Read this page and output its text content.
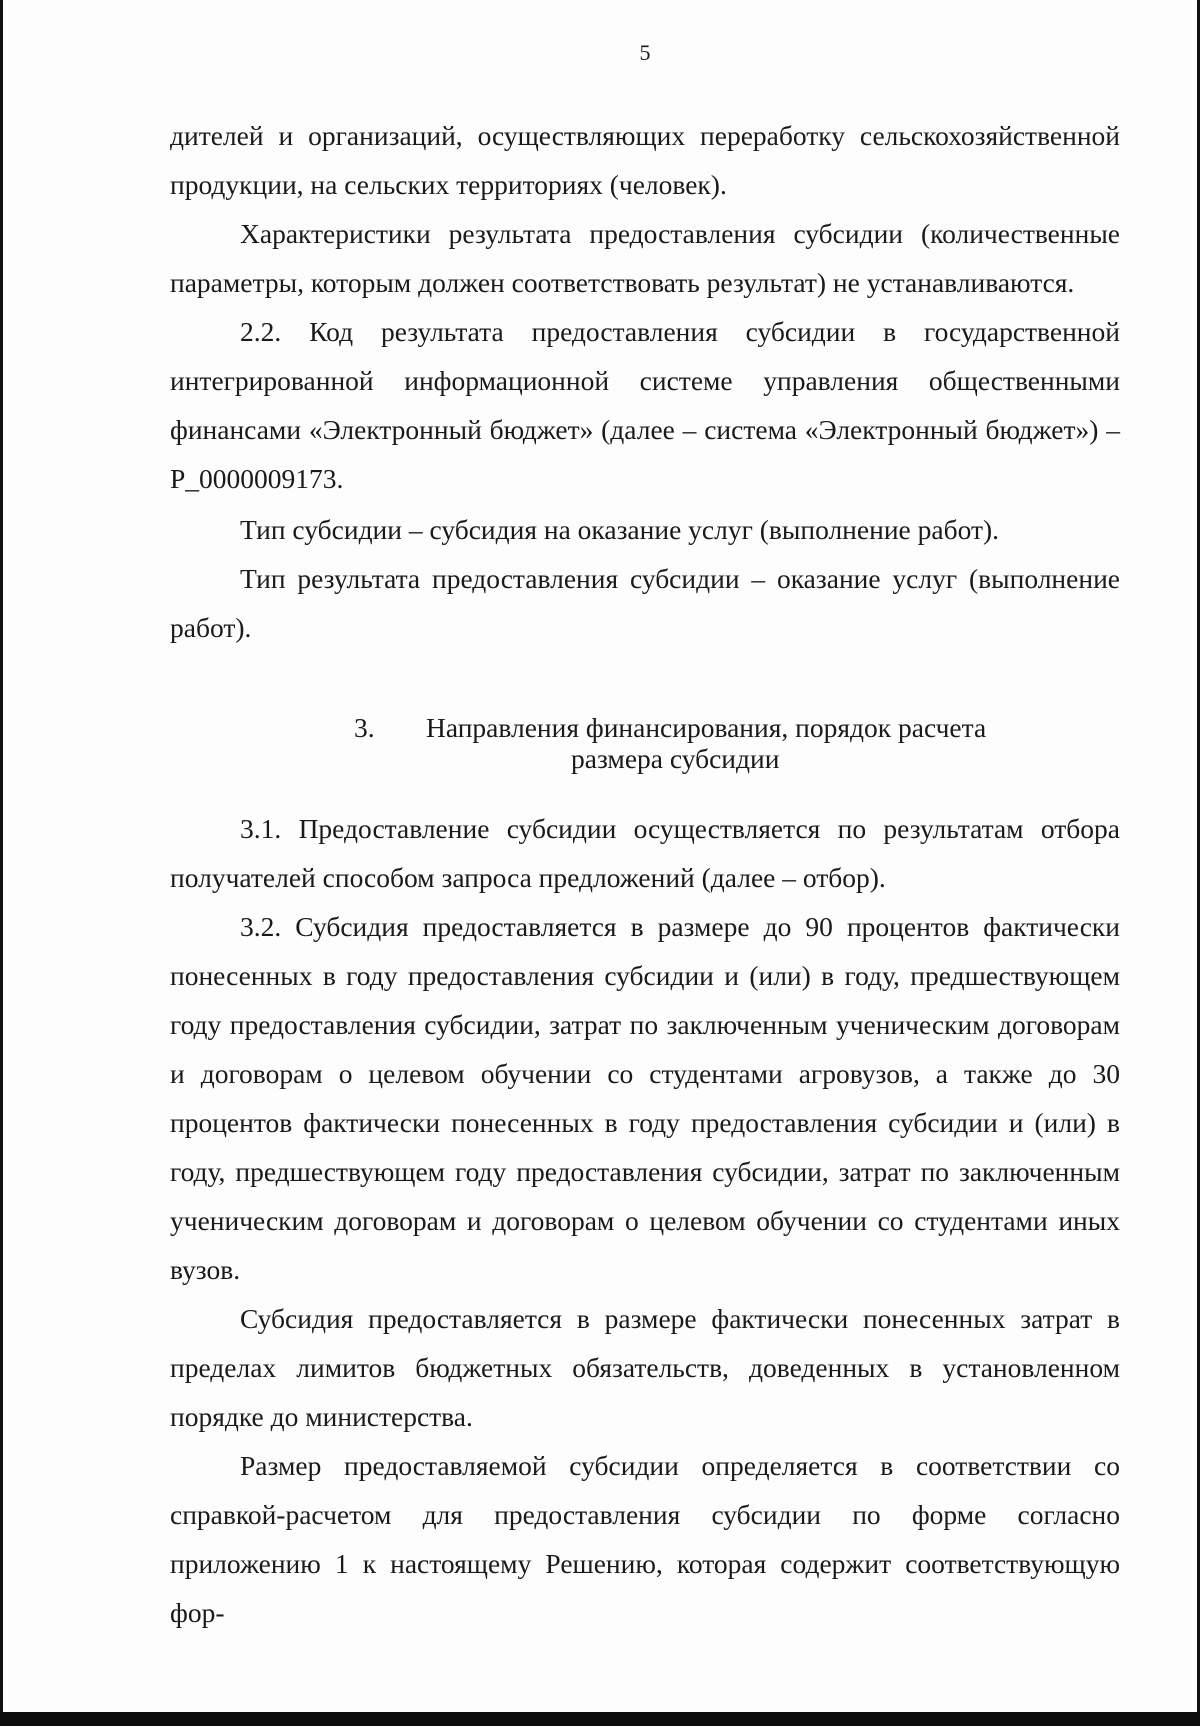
5

дителей и организаций, осуществляющих переработку сельскохозяйственной продукции, на сельских территориях (человек).

Характеристики результата предоставления субсидии (количественные параметры, которым должен соответствовать результат) не устанавливаются.

2.2. Код результата предоставления субсидии в государственной интегрированной информационной системе управления общественными финансами «Электронный бюджет» (далее – система «Электронный бюджет») – P_0000009173.

Тип субсидии – субсидия на оказание услуг (выполнение работ).

Тип результата предоставления субсидии – оказание услуг (выполнение работ).

3. Направления финансирования, порядок расчета
размера субсидии

3.1. Предоставление субсидии осуществляется по результатам отбора получателей способом запроса предложений (далее – отбор).

3.2. Субсидия предоставляется в размере до 90 процентов фактически понесенных в году предоставления субсидии и (или) в году, предшествующем году предоставления субсидии, затрат по заключенным ученическим договорам и договорам о целевом обучении со студентами агровузов, а также до 30 процентов фактически понесенных в году предоставления субсидии и (или) в году, предшествующем году предоставления субсидии, затрат по заключенным ученическим договорам и договорам о целевом обучении со студентами иных вузов.

Субсидия предоставляется в размере фактически понесенных затрат в пределах лимитов бюджетных обязательств, доведенных в установленном порядке до министерства.

Размер предоставляемой субсидии определяется в соответствии со справкой-расчетом для предоставления субсидии по форме согласно приложению 1 к настоящему Решению, которая содержит соответствующую фор-
